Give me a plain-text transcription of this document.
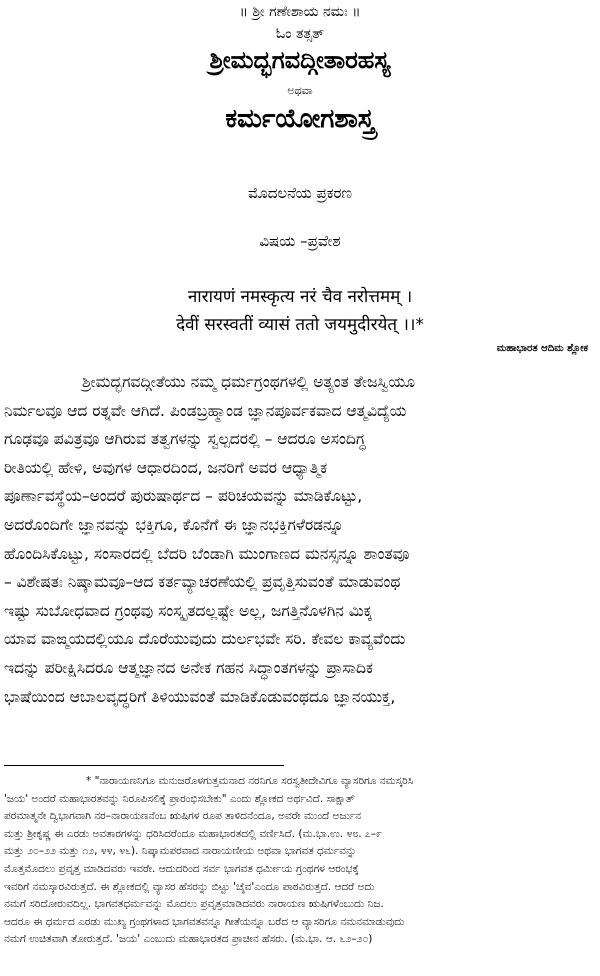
॥ ಶ್ರೀ ಗಣೇಶಾಯ ನಮಃ ॥
ಓಂ ತತ್ಸತ್
ಶ್ರೀಮದ್ಭಗವದ್ಗೀತಾರಹಸ್ಯ
ಅಥವಾ
ಕರ್ಮಯೋಗಶಾಸ್ತ್ರ
ಮೊದಲನೆಯ ಪ್ರಕರಣ
ವಿಷಯ –ಪ್ರವೇಶ
नारायणं नमस्कृत्य नरं चैव नरोत्तमम् ।
देवीं सरस्वतीं व्यासं ततो जयमुदीरयेत् ।।*
ಮಹಾಭಾರತ ಆದಿಮ ಶ್ಲೋಕ
ಶ್ರೀಮದ್ಭಗವದ್ಗೀತೆಯು ನಮ್ಮ ಧರ್ಮಗ್ರಂಥಗಳಲ್ಲಿ ಅತ್ಯಂತ ತೇಜಸ್ವಿಯೂ
ನಿರ್ಮಲವೂ ಆದ ರತ್ನವೇ ಆಗಿದೆ. ಪಿಂಡಬ್ರಹ್ಮಾಂಡ ಜ್ಞಾನಪೂರ್ವಕವಾದ ಆತ್ಮವಿದ್ಯೆಯ
ಗೂಢವೂ ಪವಿತ್ರವೂ ಆಗಿರುವ ತತ್ವಗಳನ್ನು ಸ್ವಲ್ಪದರಲ್ಲಿ – ಆದರೂ ಅಸಂದಿಗ್ಧ
ರೀತಿಯಲ್ಲಿ ಹೇಳಿ, ಅವುಗಳ ಆಧಾರದಿಂದ, ಜನರಿಗೆ ಅವರ ಆಧ್ಯಾತ್ಮಿಕ
ಪೂರ್ಣಾವಸ್ಥೆಯ–ಅಂದರೆ ಪುರುಷಾರ್ಥದ – ಪರಿಚಯವನ್ನು ಮಾಡಿಕೊಟ್ಟು,
ಅದರೊಂದಿಗೇ ಜ್ಞಾನವನ್ನು ಭಕ್ತಿಗೂ, ಕೊನೆಗೆ ಈ ಜ್ಞಾನಭಕ್ತಿಗಳೆರಡನ್ನೂ
ಹೊಂದಿಸಿಕೊಟ್ಟು, ಸಂಸಾರದಲ್ಲಿ ಬೆದರಿ ಬೆಂಡಾಗಿ ಮುಂಗಾಣದ ಮನಸ್ಸನ್ನೂ ಶಾಂತವೂ
– ವಿಶೇಷತಃ ನಿಷ್ಕಾಮವೂ–ಆದ ಕರ್ತವ್ಯಾಚರಣೆಯಲ್ಲಿ ಪ್ರವೃತ್ತಿಸುವಂತೆ ಮಾಡುವಂಥ
ಇಷ್ಟು ಸುಬೋಧವಾದ ಗ್ರಂಥವು ಸಂಸ್ಕೃತದಲ್ಲಷ್ಟೇ ಅಲ್ಲ, ಜಗತ್ತಿನೊಳಗಿನ ಮಿಕ್ಕ
ಯಾವ ವಾಙ್ಮಯದಲ್ಲಿಯೂ ದೊರೆಯುವುದು ದುರ್ಲಭವೇ ಸರಿ. ಕೇವಲ ಕಾವ್ಯವೆಂದು
ಇದನ್ನು ಪರೀಕ್ಷಿಸಿದರೂ ಆತ್ಮಜ್ಞಾನದ ಅನೇಕ ಗಹನ ಸಿದ್ಧಾಂತಗಳನ್ನು ಪ್ರಾಸಾದಿಕ
ಭಾಷೆಯಿಂದ ಆಬಾಲವೃದ್ಧರಿಗೆ ತಿಳಿಯುವಂತೆ ಮಾಡಿಕೊಡುವಂಥದೂ ಜ್ಞಾನಯುಕ್ತ,
* "ನಾರಾಯಣನಿಗೂ ಮನುಜರೊಳಗುತ್ತಮನಾದ ನರನಿಗೂ ಸರಸ್ವತೀದೇವಿಗೂ ವ್ಯಾಸರಿಗೂ ನಮಸ್ಕರಿಸಿ
'ಜಯ' ಅಂದರೆ ಮಹಾಭಾರತವನ್ನು ನಿರೂಪಿಸಲಿಕ್ಕೆ ಪ್ರಾರಂಭಿಸಬೇಕು" ಎಂದು ಶ್ಲೋಕದ ಅರ್ಥವಿದೆ. ಸಾಕ್ಷಾತ್
ಪರಮಾತ್ಮನೇ ದ್ವಿಭಾಗವಾಗಿ ನರ–ನಾರಾಯಣನೆಂಬ ಋಷಿಗಳ ರೂಪ ತಾಳಿದನೆಂದೂ, ಅವರೇ ಮುಂದೆ ಅರ್ಜುನ
ಮತ್ತು ಶ್ರೀಕೃಷ್ಣ ಈ ಎರಡು ಅವತಾರಗಳನ್ನು ಧರಿಸಿದರೆಂದೂ ಮಹಾಭಾರತದಲ್ಲಿ ವರ್ಣಿಸಿದೆ. (ಮ.ಭಾ.ಉ. ೪೮. ೭–೯
ಮತ್ತು ೨೦–೨೨ ಮತ್ತು ೧೨, ೪೪, ೪೬). ನಿಷ್ಕಾಮಪರವಾದ ನಾರಾಯಣೀಯ ಅಥವಾ ಭಾಗವತ ಧರ್ಮವನ್ನು
ಮೊತ್ತಮೊದಲು ಪ್ರವೃತ್ತ ಮಾಡಿದವರು ಇವರೇ. ಆದುದರಿಂದ ಸರ್ವ ಭಾಗವತ ಧರ್ಮೀಯ ಗ್ರಂಥಗಳ ಆರಂಭಕ್ಕೆ
ಇವರಿಗೆ ನಮಸ್ಕಾರವಿರುತ್ತದೆ. ಈ ಶ್ಲೋಕದಲ್ಲಿ ವ್ಯಾಸರ ಹೆಸರನ್ನು ಬಿಟ್ಟು 'ಚೈವ'ಎಂದೂ ಪಾಠವಿರುತ್ತದೆ. ಆದರೆ ಅದು
ನಮಗೆ ಸರಿದೋರುವದಿಲ್ಲ. ಭಾಗವತಧರ್ಮವನ್ನು ಮೊದಲು ಪ್ರವೃತ್ತಮಾಡಿದವರು ನಾರಾಯಣ ಋಷಿಗಳೆಂಬುದು ನಿಜ.
ಆದರೂ ಈ ಧರ್ಮದ ಎರಡು ಮುಖ್ಯ ಗ್ರಂಥಗಳಾದ ಭಾಗವತವನ್ನೂ ಗೀತೆಯನ್ನೂ ಬರೆದ ಆ ವ್ಯಾಸರಿಗೂ ನಮನಮಾಡುವುದು
ನಮಗೆ ಉಚಿತವಾಗಿ ತೋರುತ್ತದೆ. 'ಜಯ' ಎಂಬುದು ಮಹಾಭಾರತದ ಪ್ರಾಚೀನ ಹೆಸರು. (ಮ.ಭಾ. ಆ. ೬೨–೨೦)
